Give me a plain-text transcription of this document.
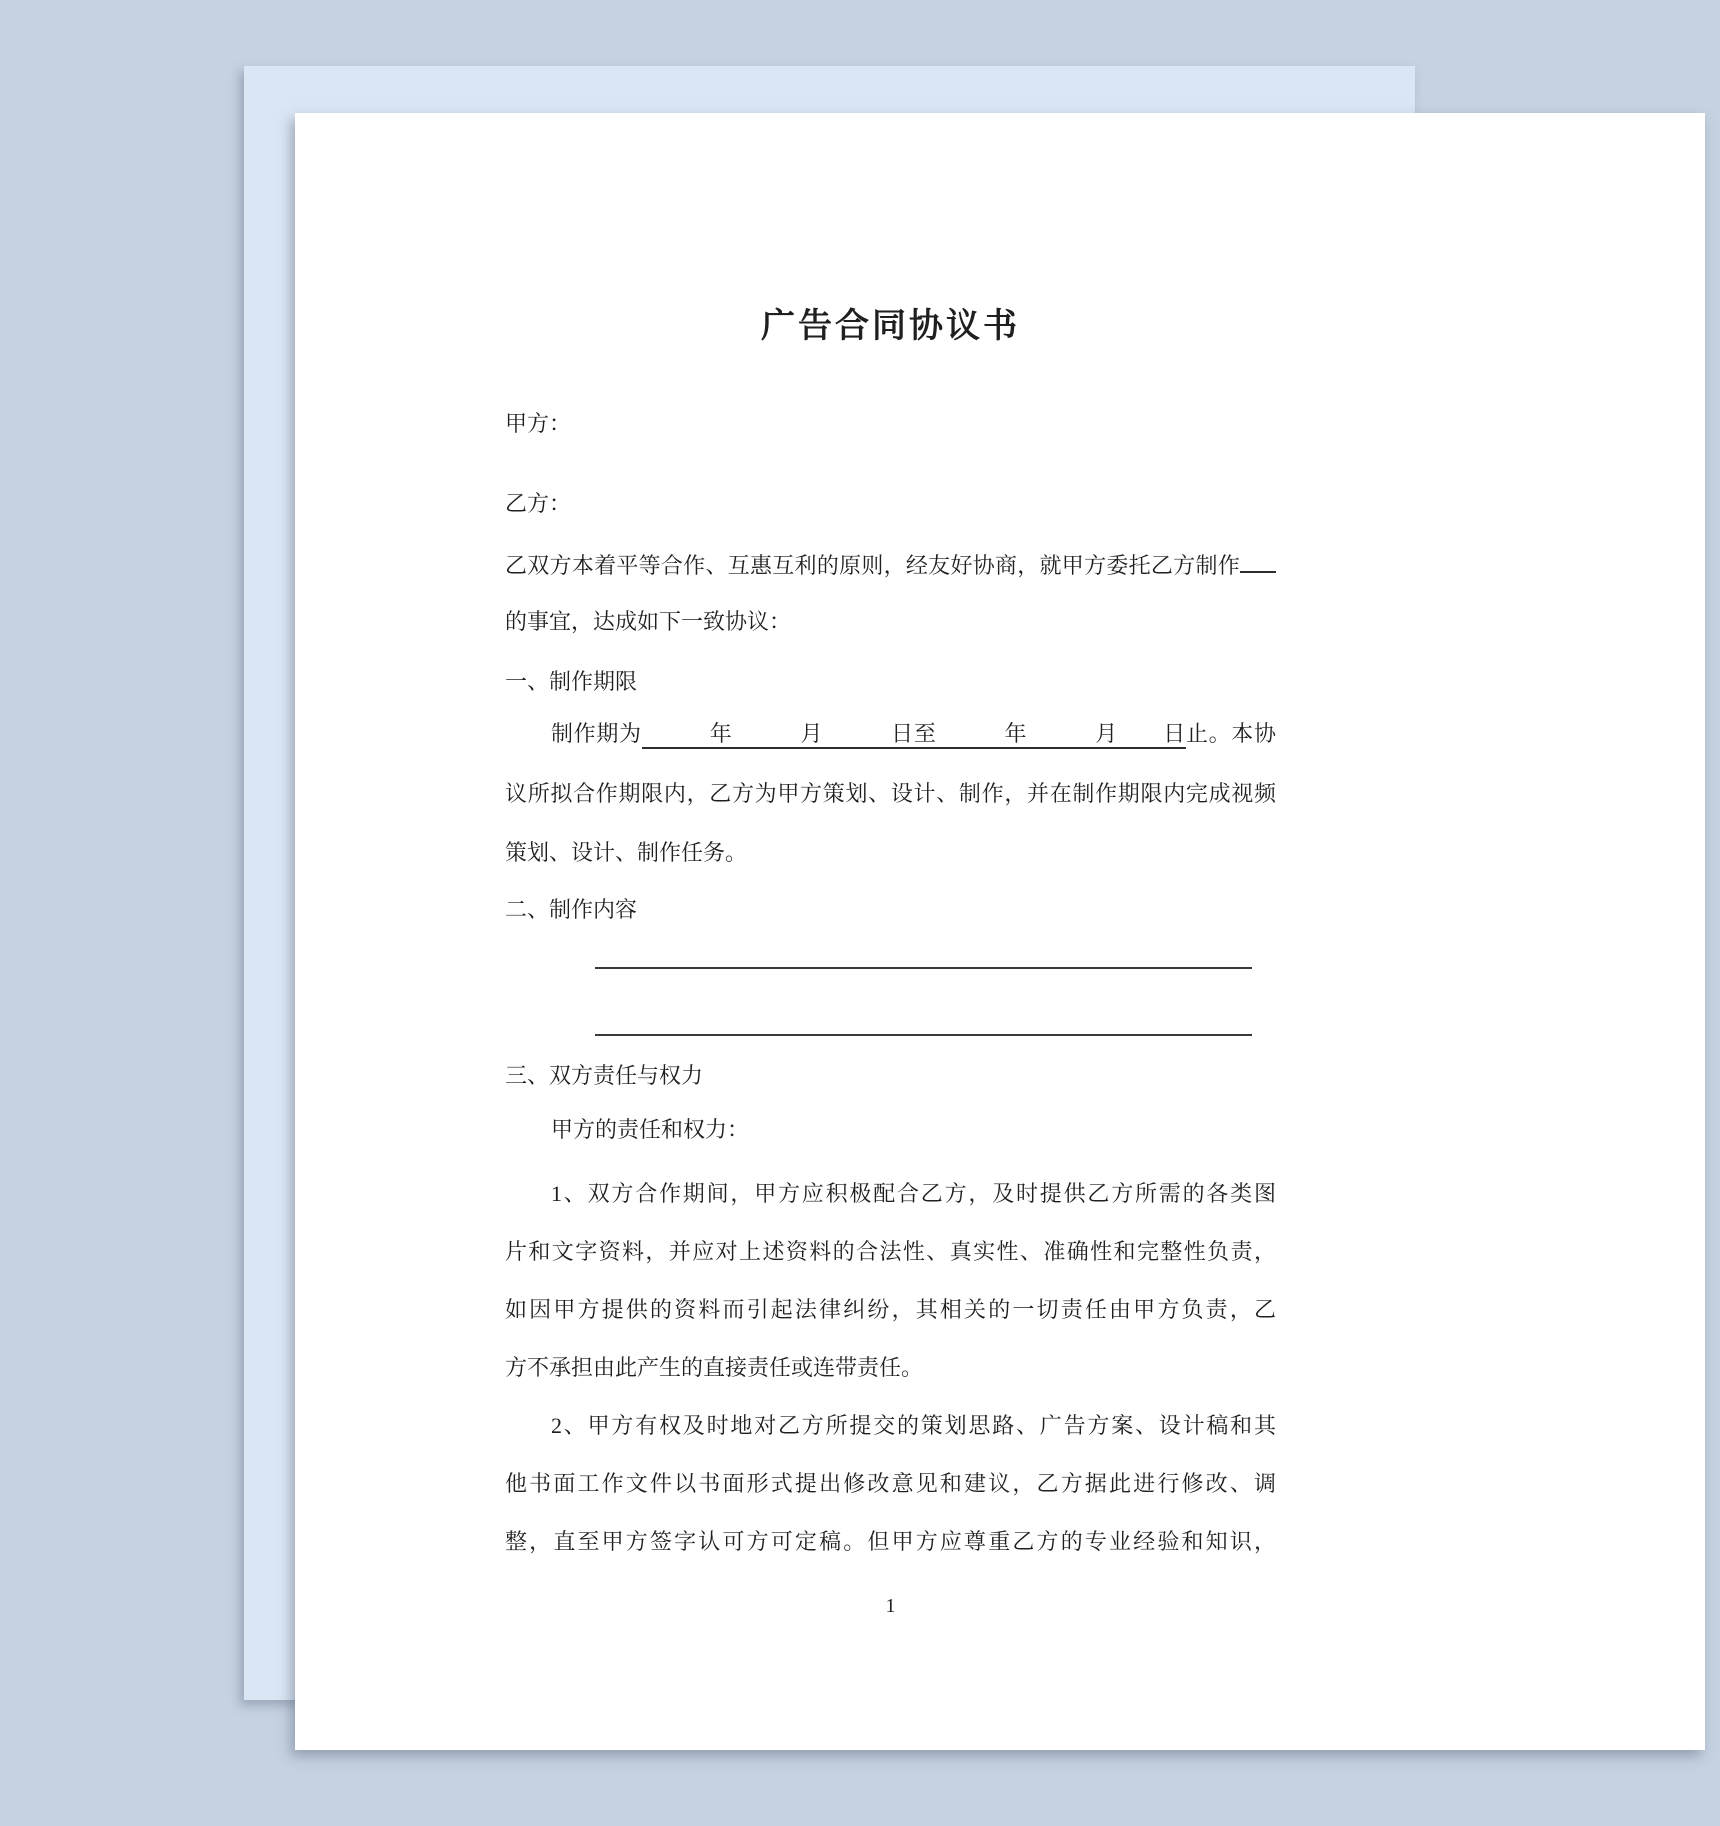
广告合同协议书
甲方：
乙方：
乙双方本着平等合作、互惠互利的原则，经友好协商，就甲方委托乙方制作
的事宜，达成如下一致协议：
一、制作期限
制作期为　　　年　　　月　　　日至　　　年　　　月　　日止。本协
议所拟合作期限内，乙方为甲方策划、设计、制作，并在制作期限内完成视频
策划、设计、制作任务。
二、制作内容
三、双方责任与权力
甲方的责任和权力：
1、双方合作期间，甲方应积极配合乙方，及时提供乙方所需的各类图
片和文字资料，并应对上述资料的合法性、真实性、准确性和完整性负责，
如因甲方提供的资料而引起法律纠纷，其相关的一切责任由甲方负责，乙
方不承担由此产生的直接责任或连带责任。
2、甲方有权及时地对乙方所提交的策划思路、广告方案、设计稿和其
他书面工作文件以书面形式提出修改意见和建议，乙方据此进行修改、调
整，直至甲方签字认可方可定稿。但甲方应尊重乙方的专业经验和知识，
1
